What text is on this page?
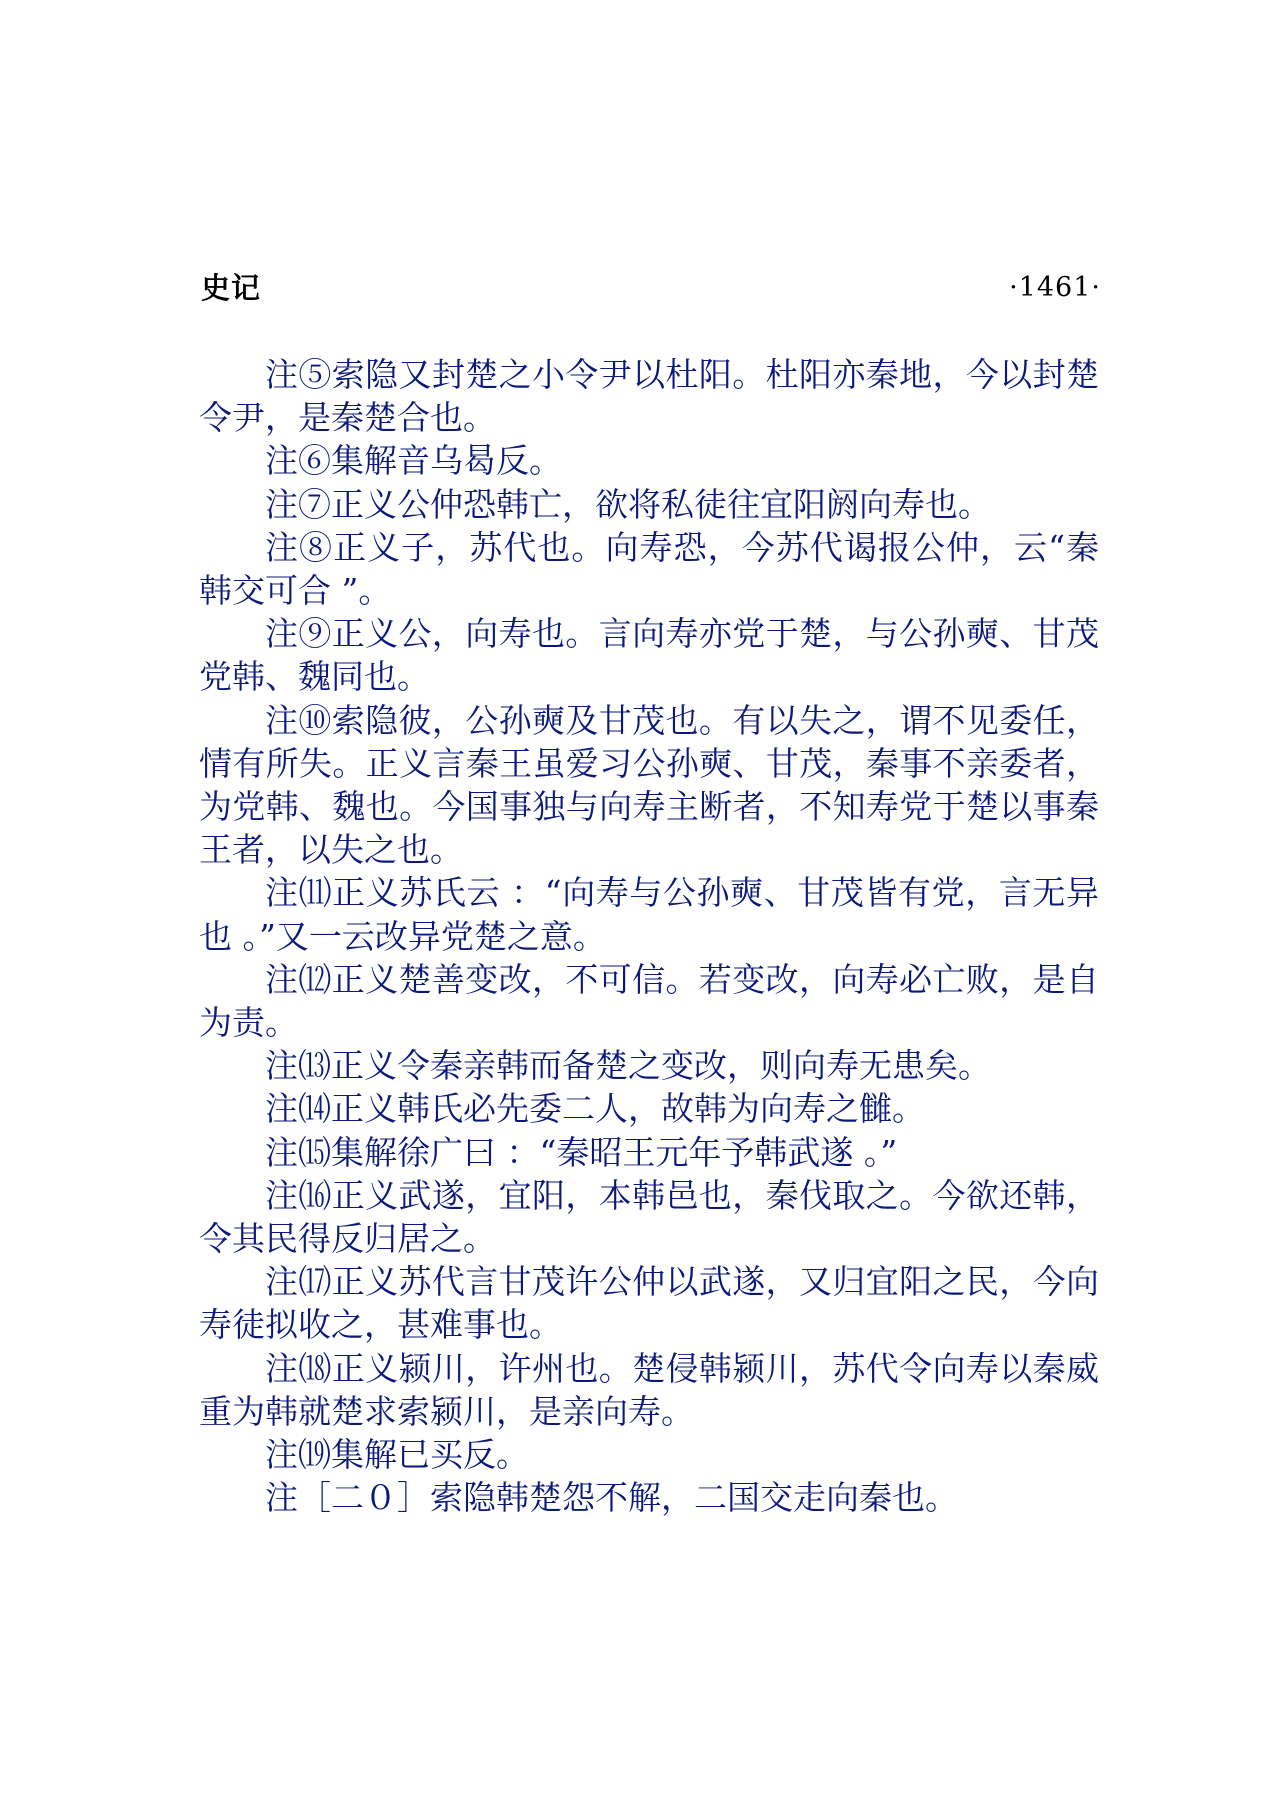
史记	·1461·

注⑤索隐又封楚之小令尹以杜阳。杜阳亦秦地，今以封楚令尹，是秦楚合也。

注⑥集解音乌曷反。

注⑦正义公仲恐韩亡，欲将私徒往宜阳阏向寿也。

注⑧正义子，苏代也。向寿恐，今苏代谒报公仲，云“秦韩交可合 ”。

注⑨正义公，向寿也。言向寿亦党于楚，与公孙奭、甘茂党韩、魏同也。

注⑩索隐彼，公孙奭及甘茂也。有以失之，谓不见委任，情有所失。正义言秦王虽爱习公孙奭、甘茂，秦事不亲委者，为党韩、魏也。今国事独与向寿主断者，不知寿党于楚以事秦王者，以失之也。

注⑾正义苏氏云 ：“向寿与公孙奭、甘茂皆有党，言无异也 。”又一云改异党楚之意。

注⑿正义楚善变改，不可信。若变改，向寿必亡败，是自为责。

注⒀正义令秦亲韩而备楚之变改，则向寿无患矣。

注⒁正义韩氏必先委二人，故韩为向寿之雠。

注⒂集解徐广曰 ：“秦昭王元年予韩武遂 。”

注⒃正义武遂，宜阳，本韩邑也，秦伐取之。今欲还韩，令其民得反归居之。

注⒄正义苏代言甘茂许公仲以武遂，又归宜阳之民，今向寿徒拟收之，甚难事也。

注⒅正义颍川，许州也。楚侵韩颍川，苏代令向寿以秦威重为韩就楚求索颍川，是亲向寿。

注⒆集解已买反。

注［二０］索隐韩楚怨不解，二国交走向秦也。
